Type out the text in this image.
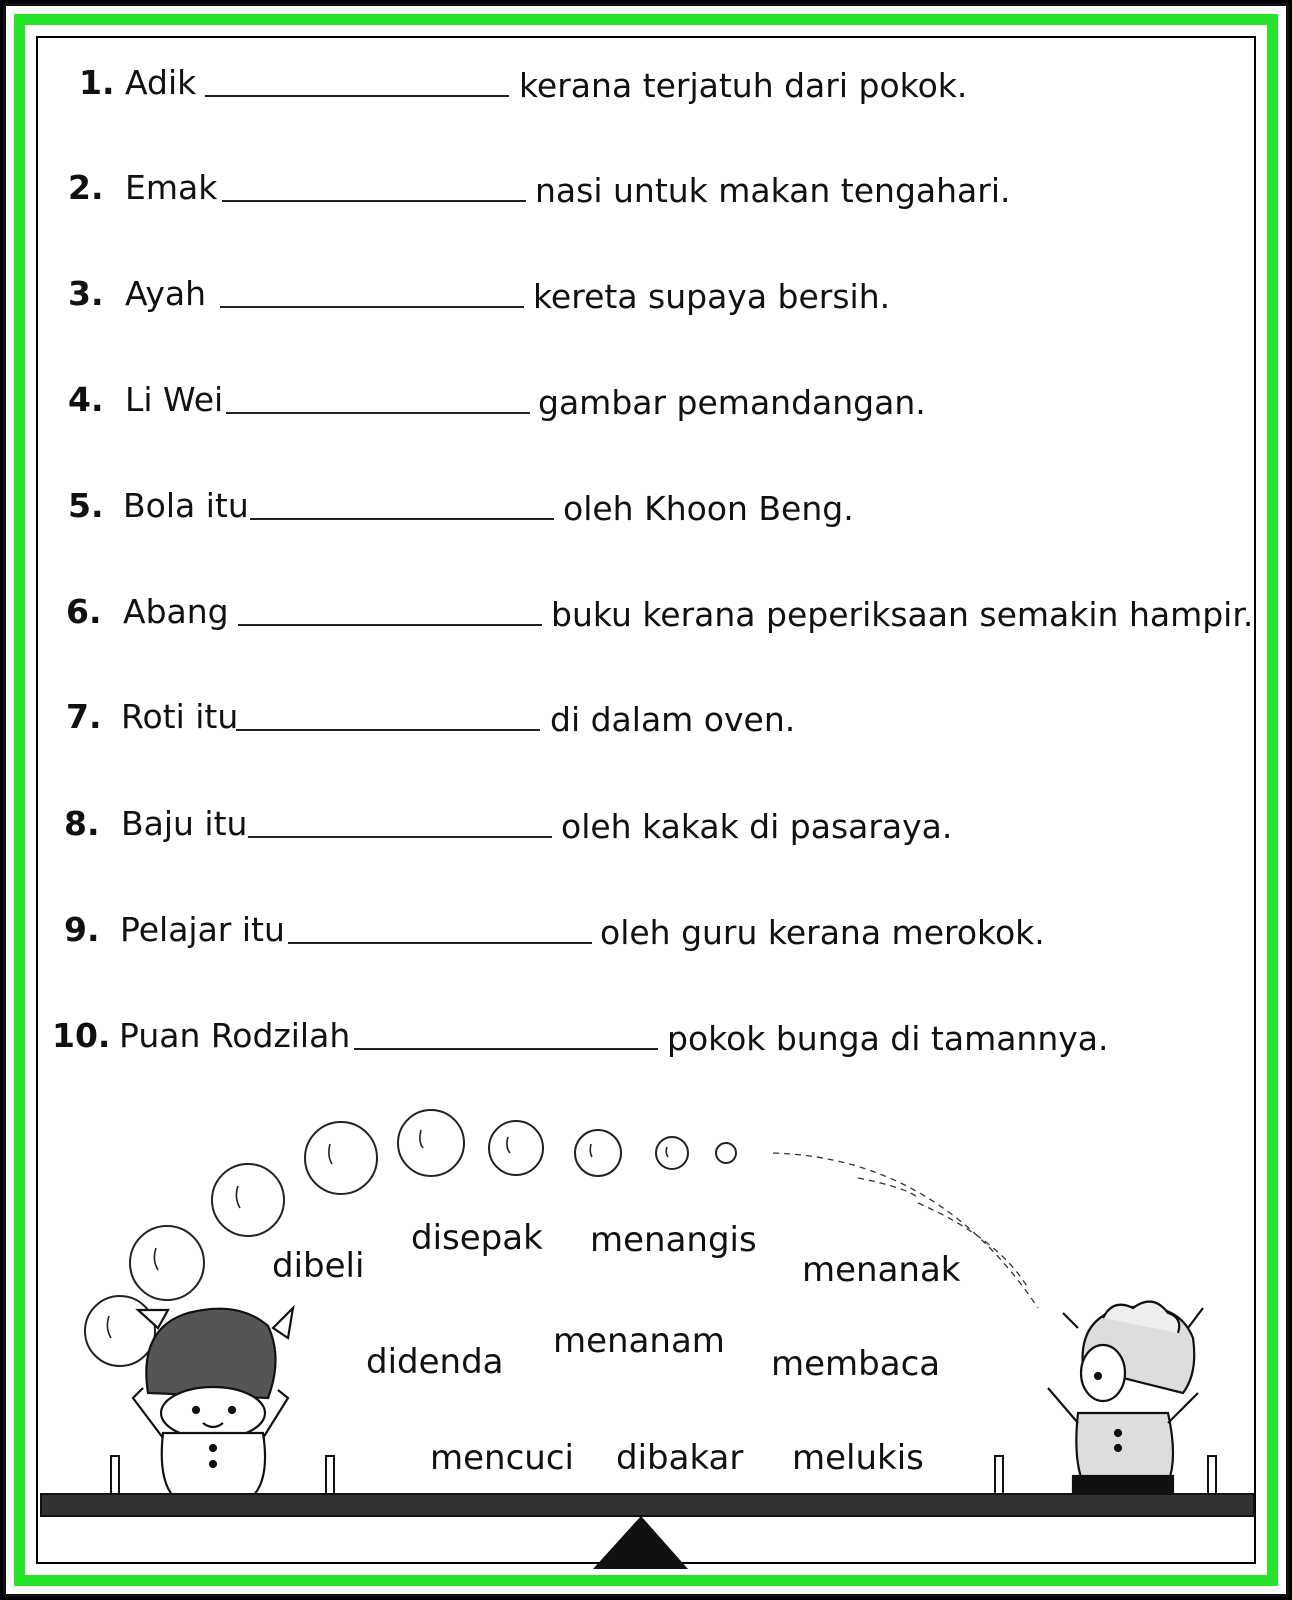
1. Adik	kerana terjatuh dari pokok.
2. Emak	nasi untuk makan tengahari.
3. Ayah	kereta supaya bersih.
4. Li Wei	gambar pemandangan.
5. Bola itu	oleh Khoon Beng.
6. Abang	buku kerana peperiksaan semakin hampir.
7. Roti itu	di dalam oven.
8. Baju itu	oleh kakak di pasaraya.
9. Pelajar itu	oleh guru kerana merokok.
10. Puan Rodzilah	pokok bunga di tamannya.
dibeli
disepak menangis
menanak
didenda
menanam
membaca
mencuci dibakar melukis
